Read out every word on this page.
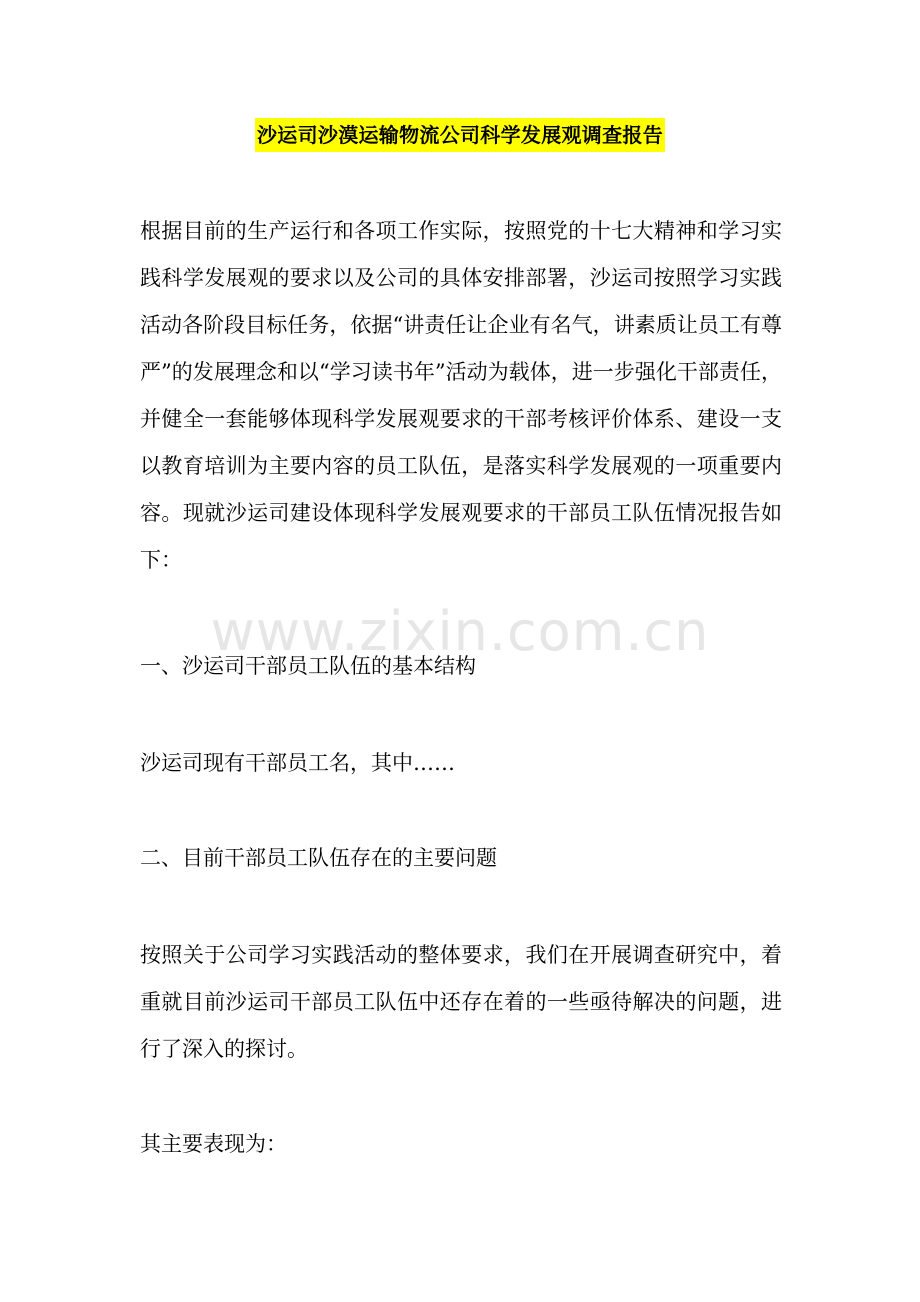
沙运司沙漠运输物流公司科学发展观调查报告

根据目前的生产运行和各项工作实际，按照党的十七大精神和学习实践科学发展观的要求以及公司的具体安排部署，沙运司按照学习实践活动各阶段目标任务，依据“讲责任让企业有名气，讲素质让员工有尊严”的发展理念和以“学习读书年”活动为载体，进一步强化干部责任，并健全一套能够体现科学发展观要求的干部考核评价体系、建设一支以教育培训为主要内容的员工队伍，是落实科学发展观的一项重要内容。现就沙运司建设体现科学发展观要求的干部员工队伍情况报告如下：

www.zixin.com.cn

一、沙运司干部员工队伍的基本结构

沙运司现有干部员工名，其中……

二、目前干部员工队伍存在的主要问题

按照关于公司学习实践活动的整体要求，我们在开展调查研究中，着重就目前沙运司干部员工队伍中还存在着的一些亟待解决的问题，进行了深入的探讨。

其主要表现为：
